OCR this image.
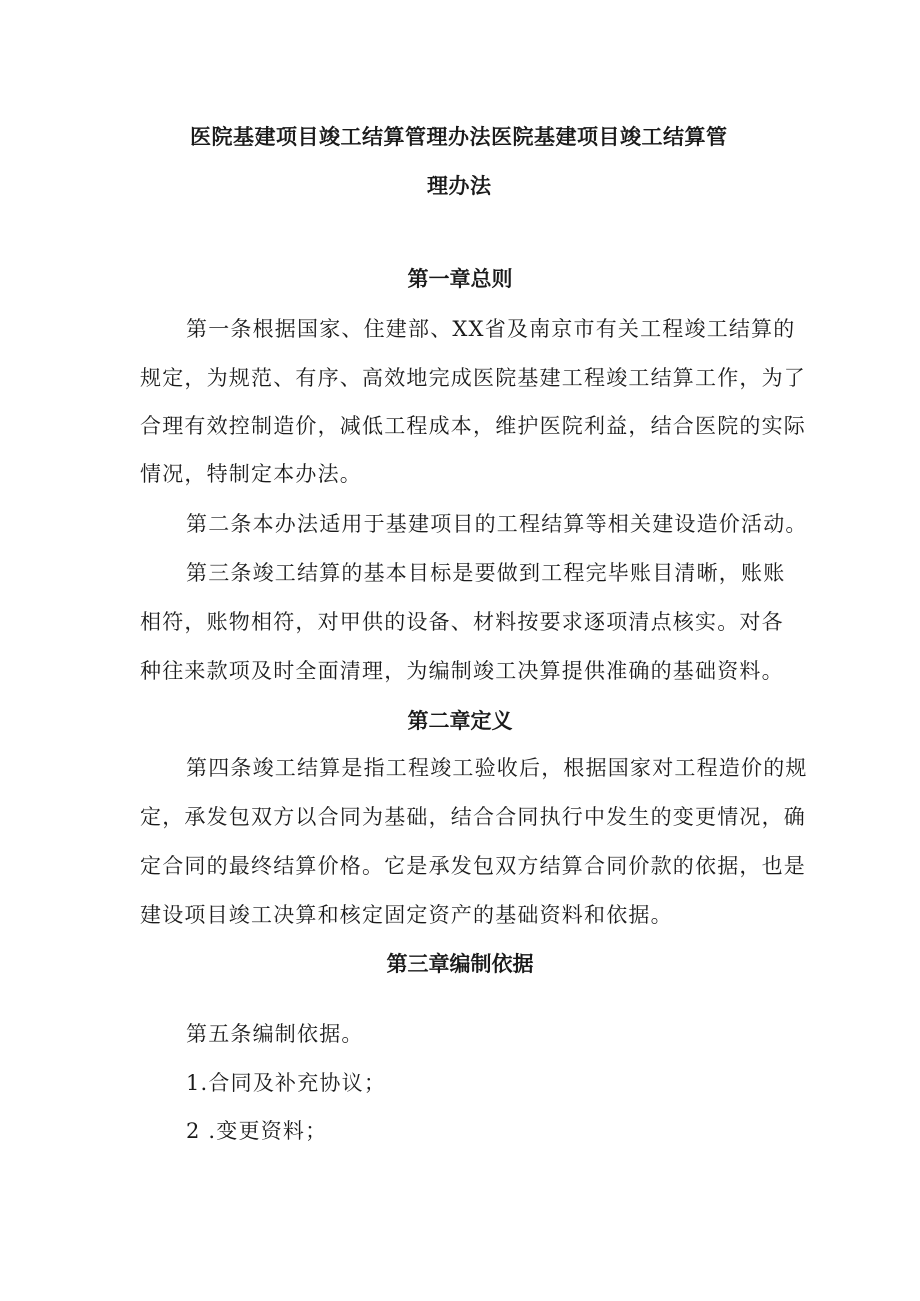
医院基建项目竣工结算管理办法医院基建项目竣工结算管
理办法
第一章总则
第一条根据国家、住建部、XX省及南京市有关工程竣工结算的
规定，为规范、有序、高效地完成医院基建工程竣工结算工作，为了
合理有效控制造价，减低工程成本，维护医院利益，结合医院的实际
情况，特制定本办法。
第二条本办法适用于基建项目的工程结算等相关建设造价活动。
第三条竣工结算的基本目标是要做到工程完毕账目清晰，账账
相符，账物相符，对甲供的设备、材料按要求逐项清点核实。对各
种往来款项及时全面清理，为编制竣工决算提供准确的基础资料。
第二章定义
第四条竣工结算是指工程竣工验收后，根据国家对工程造价的规
定，承发包双方以合同为基础，结合合同执行中发生的变更情况，确
定合同的最终结算价格。它是承发包双方结算合同价款的依据，也是
建设项目竣工决算和核定固定资产的基础资料和依据。
第三章编制依据
第五条编制依据。
1.合同及补充协议；
2 .变更资料；
